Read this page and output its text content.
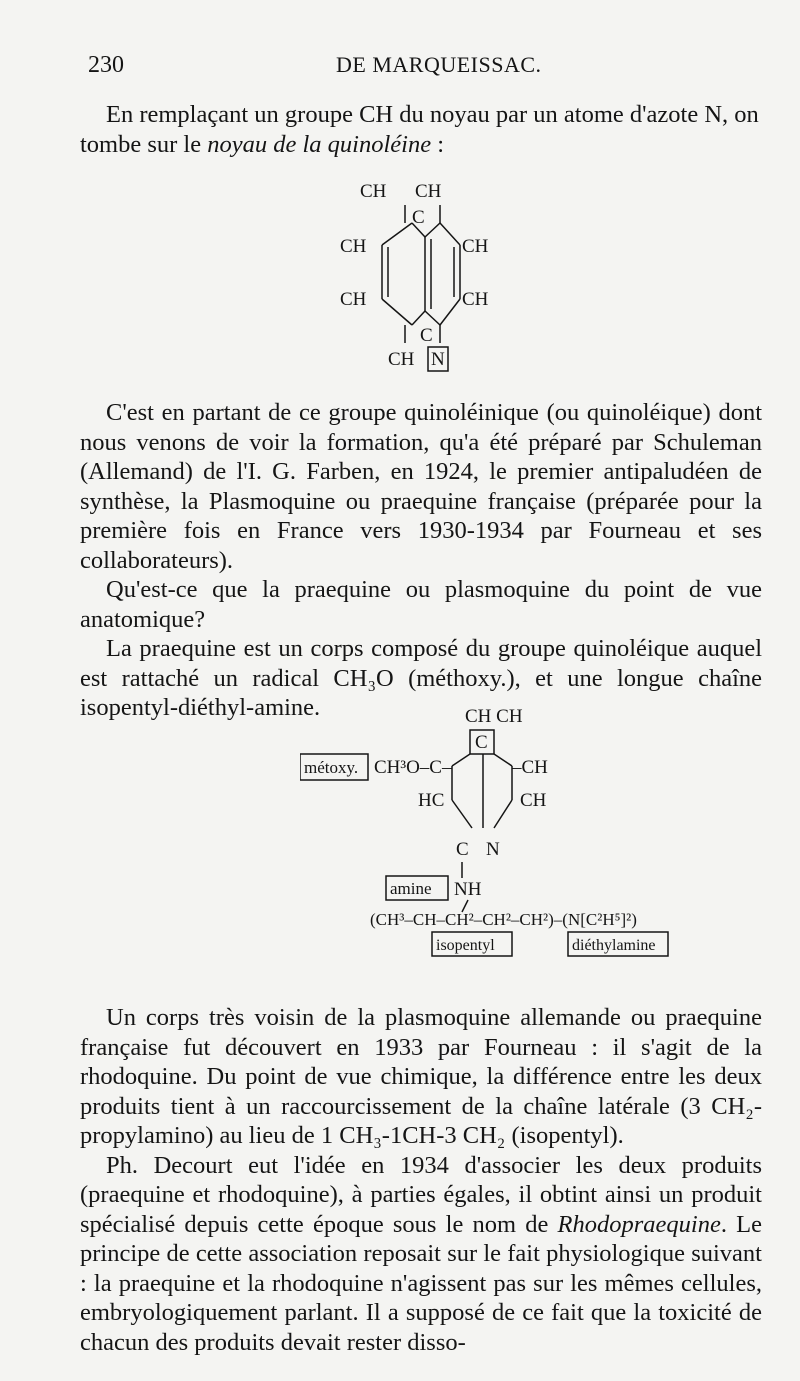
230	DE MARQUEISSAC.

En remplaçant un groupe CH du noyau par un atome d'azote N, on

tombe sur le noyau de la quinoléine :

CH CH
C
CH
CH
CH
CH
C
CH N

C'est en partant de ce groupe quinoléinique (ou quinoléique) dont nous venons de voir la formation, qu'a été préparé par Schuleman (Allemand) de l'I. G. Farben, en 1924, le premier antipaludéen de synthèse, la Plasmoquine ou praequine française (préparée pour la première fois en France vers 1930-1934 par Fourneau et ses collaborateurs).

Qu'est-ce que la praequine ou plasmoquine du point de vue anatomique?

La praequine est un corps composé du groupe quinoléique auquel est rattaché un radical CH₃O (méthoxy.), et une longue chaîne isopentyl-diéthyl-amine.	CH CH
C
métoxy. CH³O–C–	–CH
HC	CH
C N
amine NH
(CH³–CH–CH²–CH²–CH²)–(N[C²H⁵]²)
isopentyl	diéthylamine

Un corps très voisin de la plasmoquine allemande ou praequine française fut découvert en 1933 par Fourneau : il s'agit de la rhodoquine. Du point de vue chimique, la différence entre les deux produits tient à un raccourcissement de la chaîne latérale (3 CH₂-propylamino) au lieu de 1 CH₃-1CH-3 CH₂ (isopentyl).

Ph. Decourt eut l'idée en 1934 d'associer les deux produits (praequine et rhodoquine), à parties égales, il obtint ainsi un produit spécialisé depuis cette époque sous le nom de Rhodopraequine. Le principe de cette association reposait sur le fait physiologique suivant : la praequine et la rhodoquine n'agissent pas sur les mêmes cellules, embryologiquement parlant. Il a supposé de ce fait que la toxicité de chacun des produits devait rester disso-
